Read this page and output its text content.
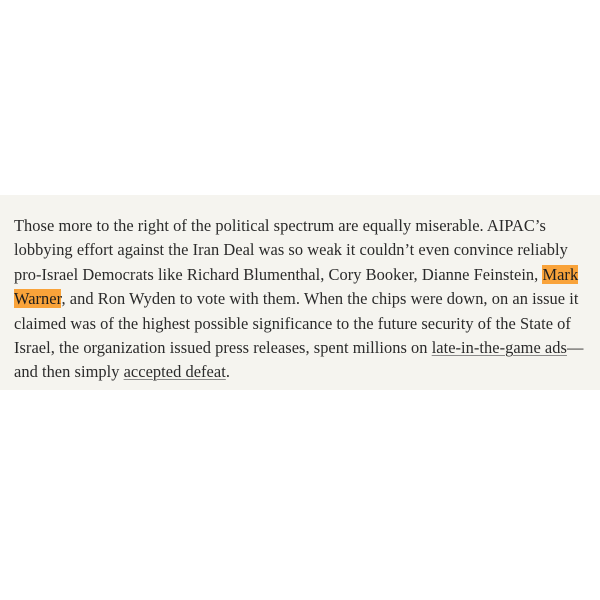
Those more to the right of the political spectrum are equally miserable. AIPAC’s
lobbying effort against the Iran Deal was so weak it couldn’t even convince reliably
pro-Israel Democrats like Richard Blumenthal, Cory Booker, Dianne Feinstein, Mark
Warner, and Ron Wyden to vote with them. When the chips were down, on an issue it
claimed was of the highest possible significance to the future security of the State of
Israel, the organization issued press releases, spent millions on late-in-the-game ads—
and then simply accepted defeat.
